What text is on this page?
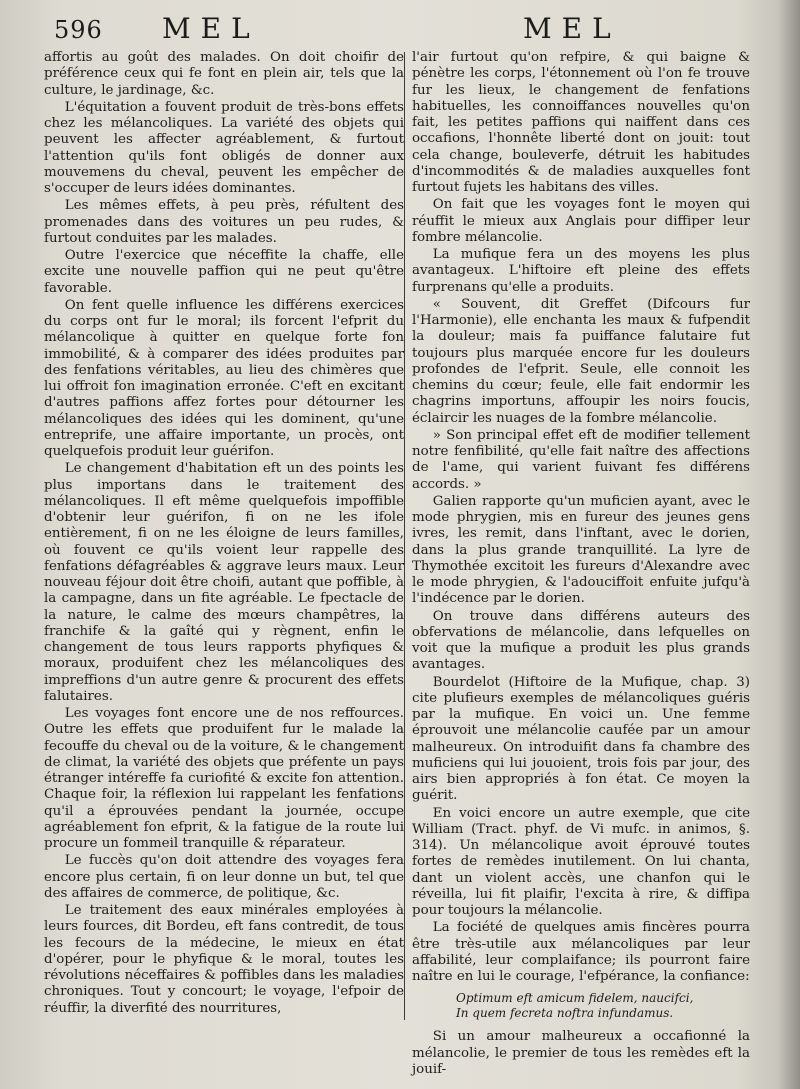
596 MEL	MEL

affortis au goût des malades. On doit choifir de préférence ceux qui fe font en plein air, tels que la culture, le jardinage, &c.

L'équitation a fouvent produit de très-bons effets chez les mélancoliques. La variété des objets qui peuvent les affecter agréablement, & furtout l'attention qu'ils font obligés de donner aux mouvemens du cheval, peuvent les empêcher de s'occuper de leurs idées dominantes.

Les mêmes effets, à peu près, réfultent des promenades dans des voitures un peu rudes, & furtout conduites par les malades.

Outre l'exercice que néceffite la chaffe, elle excite une nouvelle paffion qui ne peut qu'être favorable.

On fent quelle influence les différens exercices du corps ont fur le moral; ils forcent l'efprit du mélancolique à quitter en quelque forte fon immobilité, & à comparer des idées produites par des fenfations véritables, au lieu des chimères que lui offroit fon imagination erronée. C'eft en excitant d'autres paffions affez fortes pour détourner les mélancoliques des idées qui les dominent, qu'une entreprife, une affaire importante, un procès, ont quelquefois produit leur guérifon.

Le changement d'habitation eft un des points les plus importans dans le traitement des mélancoliques. Il eft même quelquefois impoffible d'obtenir leur guérifon, fi on ne les ifole entièrement, fi on ne les éloigne de leurs familles, où fouvent ce qu'ils voient leur rappelle des fenfations défagréables & aggrave leurs maux. Leur nouveau féjour doit être choifi, autant que poffible, à la campagne, dans un fite agréable. Le fpectacle de la nature, le calme des mœurs champêtres, la franchife & la gaîté qui y règnent, enfin le changement de tous leurs rapports phyfiques & moraux, produifent chez les mélancoliques des impreffions d'un autre genre & procurent des effets falutaires.

Les voyages font encore une de nos reffources. Outre les effets que produifent fur le malade la fecouffe du cheval ou de la voiture, & le changement de climat, la variété des objets que préfente un pays étranger intéreffe fa curiofité & excite fon attention. Chaque foir, la réflexion lui rappelant les fenfations qu'il a éprouvées pendant la journée, occupe agréablement fon efprit, & la fatigue de la route lui procure un fommeil tranquille & réparateur.

Le fuccès qu'on doit attendre des voyages fera encore plus certain, fi on leur donne un but, tel que des affaires de commerce, de politique, &c.

Le traitement des eaux minérales employées à leurs fources, dit Bordeu, eft fans contredit, de tous les fecours de la médecine, le mieux en état d'opérer, pour le phyfique & le moral, toutes les révolutions néceffaires & poffibles dans les maladies chroniques. Tout y concourt; le voyage, l'efpoir de réuffir, la diverfité des nourritures,

l'air furtout qu'on refpire, & qui baigne & pénètre les corps, l'étonnement où l'on fe trouve fur les lieux, le changement de fenfations habituelles, les connoiffances nouvelles qu'on fait, les petites paffions qui naiffent dans ces occafions, l'honnête liberté dont on jouit: tout cela change, bouleverfe, détruit les habitudes d'incommodités & de maladies auxquelles font furtout fujets les habitans des villes.

On fait que les voyages font le moyen qui réuffit le mieux aux Anglais pour diffiper leur fombre mélancolie.

La mufique fera un des moyens les plus avantageux. L'hiftoire eft pleine des effets furprenans qu'elle a produits.

« Souvent, dit Greffet (Difcours fur l'Harmonie), elle enchanta les maux & fufpendit la douleur; mais fa puiffance falutaire fut toujours plus marquée encore fur les douleurs profondes de l'efprit. Seule, elle connoit les chemins du cœur; feule, elle fait endormir les chagrins importuns, affoupir les noirs foucis, éclaircir les nuages de la fombre mélancolie.

» Son principal effet eft de modifier tellement notre fenfibilité, qu'elle fait naître des affections de l'ame, qui varient fuivant fes différens accords. »

Galien rapporte qu'un muficien ayant, avec le mode phrygien, mis en fureur des jeunes gens ivres, les remit, dans l'inftant, avec le dorien, dans la plus grande tranquillité. La lyre de Thymothée excitoit les fureurs d'Alexandre avec le mode phrygien, & l'adouciffoit enfuite jufqu'à l'indécence par le dorien.

On trouve dans différens auteurs des obfervations de mélancolie, dans lefquelles on voit que la mufique a produit les plus grands avantages.

Bourdelot (Hiftoire de la Mufique, chap. 3) cite plufieurs exemples de mélancoliques guéris par la mufique. En voici un. Une femme éprouvoit une mélancolie caufée par un amour malheureux. On introduifit dans fa chambre des muficiens qui lui jouoient, trois fois par jour, des airs bien appropriés à fon état. Ce moyen la guérit.

En voici encore un autre exemple, que cite William (Tract. phyf. de Vi mufc. in animos, §. 314). Un mélancolique avoit éprouvé toutes fortes de remèdes inutilement. On lui chanta, dant un violent accès, une chanfon qui le réveilla, lui fit plaifir, l'excita à rire, & diffipa pour toujours la mélancolie.

La fociété de quelques amis fincères pourra être très-utile aux mélancoliques par leur affabilité, leur complaifance; ils pourront faire naître en lui le courage, l'efpérance, la confiance:

Optimum eft amicum fidelem, naucifci,
In quem fecreta noftra infundamus.

Si un amour malheureux a occafionné la mélancolie, le premier de tous les remèdes eft la jouif-
